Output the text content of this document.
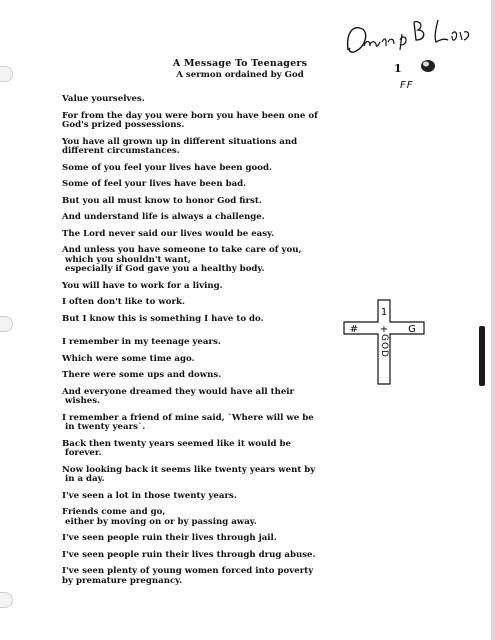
A Message To Teenagers
A sermon ordained by God	1
FF
Value yourselves.
For from the day you were born you have been one of
God's prized possessions.
You have all grown up in different situations and
different circumstances.
Some of you feel your lives have been good.
Some of feel your lives have been bad.
But you all must know to honor God first.
And understand life is always a challenge.
The Lord never said our lives would be easy.
And unless you have someone to take care of you,
which you shouldn't want,
especially if God gave you a healthy body.
You will have to work for a living.
I often don't like to work.
But I know this is something I have to do.
I remember in my teenage years.
Which were some time ago.
There were some ups and downs.
And everyone dreamed they would have all their
wishes.
I remember a friend of mine said, `Where will we be
in twenty years`.
Back then twenty years seemed like it would be
forever.
Now looking back it seems like twenty years went by
in a day.
I've seen a lot in those twenty years.
Friends come and go,
either by moving on or by passing away.
I've seen people ruin their lives through jail.
I've seen people ruin their lives through drug abuse.
I've seen plenty of young women forced into poverty
by premature pregnancy.
1
# + G
GOD
